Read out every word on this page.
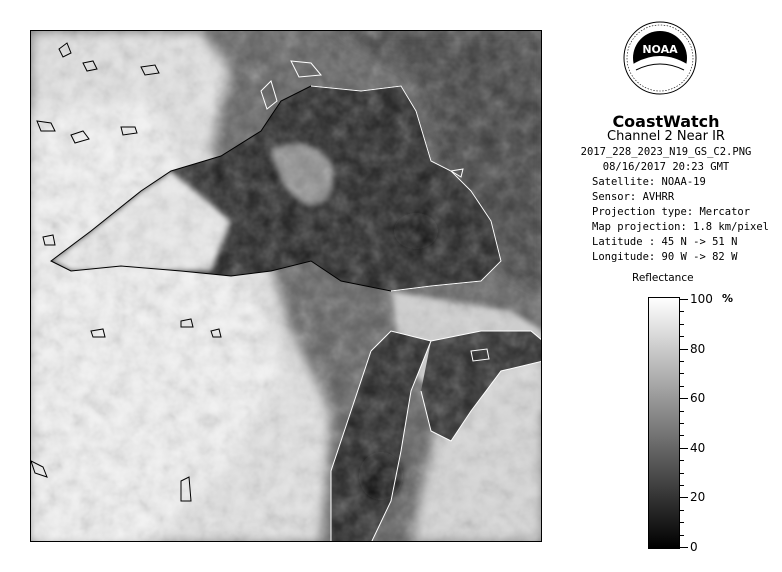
NOAA
CoastWatch
Channel 2 Near IR
2017_228_2023_N19_GS_C2.PNG
08/16/2017 20:23 GMT
Satellite: NOAA-19
Sensor: AVHRR
Projection type: Mercator
Map projection: 1.8 km/pixel
Latitude : 45 N -> 51 N
Longitude: 90 W -> 82 W
Reflectance
%
100
80
60
40
20
0
